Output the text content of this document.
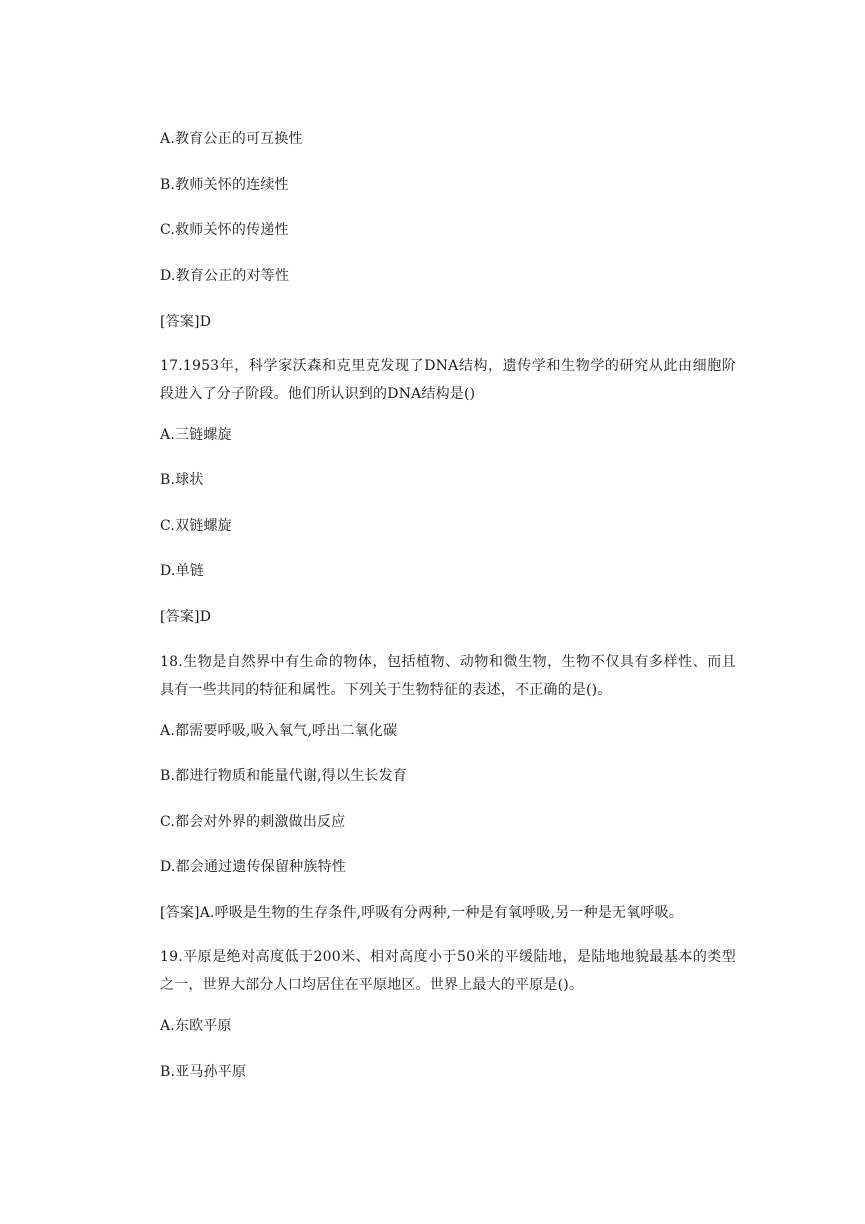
A.教育公正的可互换性
B.教师关怀的连续性
C.救师关怀的传递性
D.教育公正的对等性
[答案]D
17.1953年，科学家沃森和克里克发现了DNA结构，遗传学和生物学的研究从此由细胞阶段进入了分子阶段。他们所认识到的DNA结构是()
A.三链螺旋
B.球状
C.双链螺旋
D.单链
[答案]D
18.生物是自然界中有生命的物体，包括植物、动物和微生物，生物不仅具有多样性、而且具有一些共同的特征和属性。下列关于生物特征的表述，不正确的是()。
A.都需要呼吸,吸入氧气,呼出二氧化碳
B.都进行物质和能量代谢,得以生长发育
C.都会对外界的刺激做出反应
D.都会通过遗传保留种族特性
[答案]A.呼吸是生物的生存条件,呼吸有分两种,一种是有氧呼吸,另一种是无氧呼吸。
19.平原是绝对高度低于200米、相对高度小于50米的平缓陆地，是陆地地貌最基本的类型之一，世界大部分人口均居住在平原地区。世界上最大的平原是()。
A.东欧平原
B.亚马孙平原
